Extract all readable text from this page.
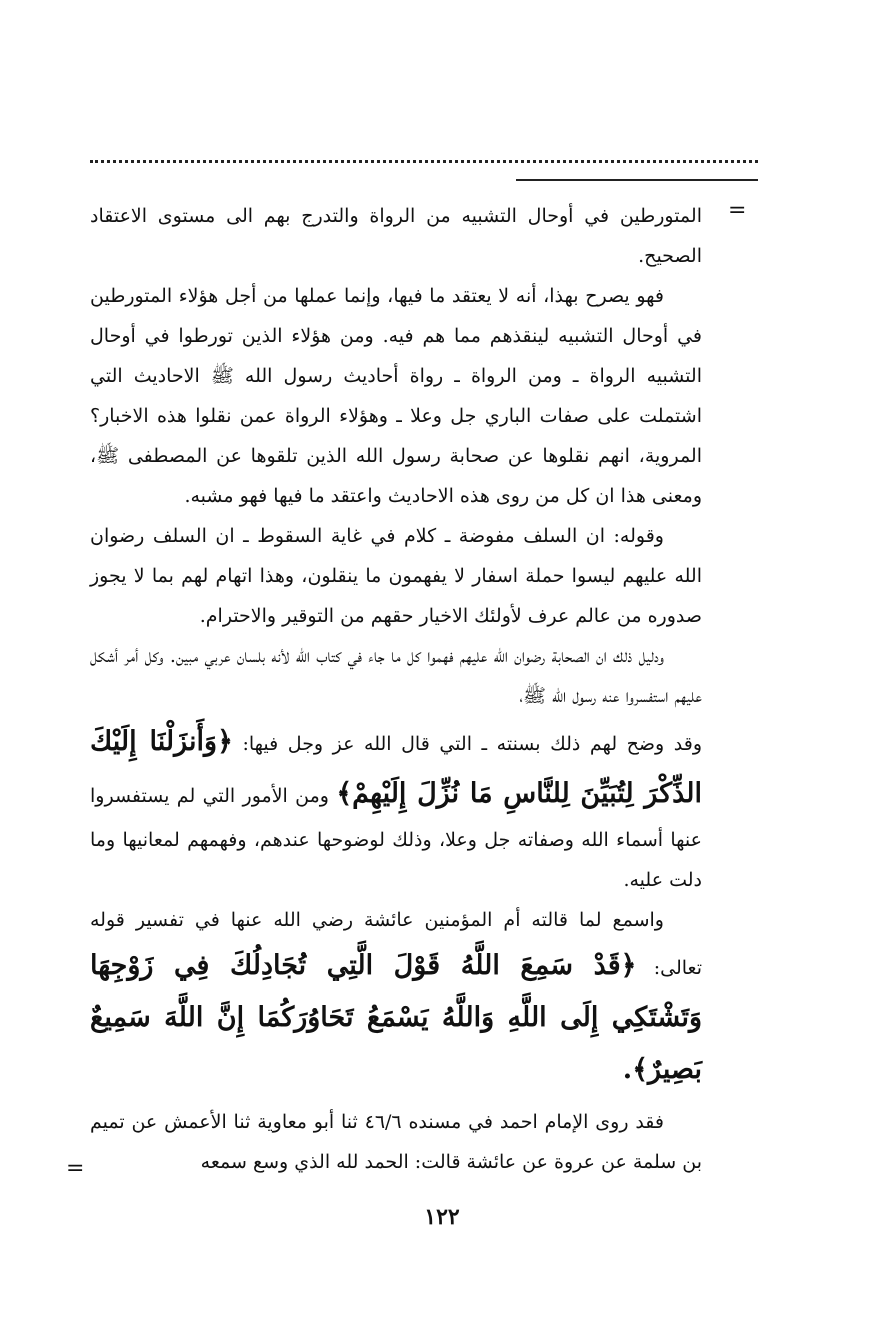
=

المتورطين في أوحال التشبيه من الرواة والتدرج بهم الى مستوى الاعتقاد الصحيح.

فهو يصرح بهذا، أنه لا يعتقد ما فيها، وإنما عملها من أجل هؤلاء المتورطين في أوحال التشبيه لينقذهم مما هم فيه. ومن هؤلاء الذين تورطوا في أوحال التشبيه الرواة ـ ومن الرواة ـ رواة أحاديث رسول الله ﷺ الاحاديث التي اشتملت على صفات الباري جل وعلا ـ وهؤلاء الرواة عمن نقلوا هذه الاخبار؟ المروية، انهم نقلوها عن صحابة رسول الله الذين تلقوها عن المصطفى ﷺ، ومعنى هذا ان كل من روى هذه الاحاديث واعتقد ما فيها فهو مشبه.

وقوله: ان السلف مفوضة ـ كلام في غاية السقوط ـ ان السلف رضوان الله عليهم ليسوا حملة اسفار لا يفهمون ما ينقلون، وهذا اتهام لهم بما لا يجوز صدوره من عالم عرف لأولئك الاخيار حقهم من التوقير والاحترام.

ودليل ذلك ان الصحابة رضوان الله عليهم فهموا كل ما جاء في كتاب الله لأنه بلسان عربي مبين. وكل أمر أشكل عليهم استفسروا عنه رسول الله ﷺ،

وقد وضح لهم ذلك بسنته ـ التي قال الله عز وجل فيها: ﴿وَأَنزَلْنَا إِلَيْكَ الذِّكْرَ لِتُبَيِّنَ لِلنَّاسِ مَا نُزِّلَ إِلَيْهِمْ﴾ ومن الأمور التي لم يستفسروا عنها أسماء الله وصفاته جل وعلا، وذلك لوضوحها عندهم، وفهمهم لمعانيها وما دلت عليه.

واسمع لما قالته أم المؤمنين عائشة رضي الله عنها في تفسير قوله تعالى: ﴿قَدْ سَمِعَ اللَّهُ قَوْلَ الَّتِي تُجَادِلُكَ فِي زَوْجِهَا وَتَشْتَكِي إِلَى اللَّهِ وَاللَّهُ يَسْمَعُ تَحَاوُرَكُمَا إِنَّ اللَّهَ سَمِيعٌ بَصِيرٌ﴾.

فقد روى الإمام احمد في مسنده ٤٦/٦ ثنا أبو معاوية ثنا الأعمش عن تميم بن سلمة عن عروة عن عائشة قالت: الحمد لله الذي وسع سمعه

=
١٢٢
